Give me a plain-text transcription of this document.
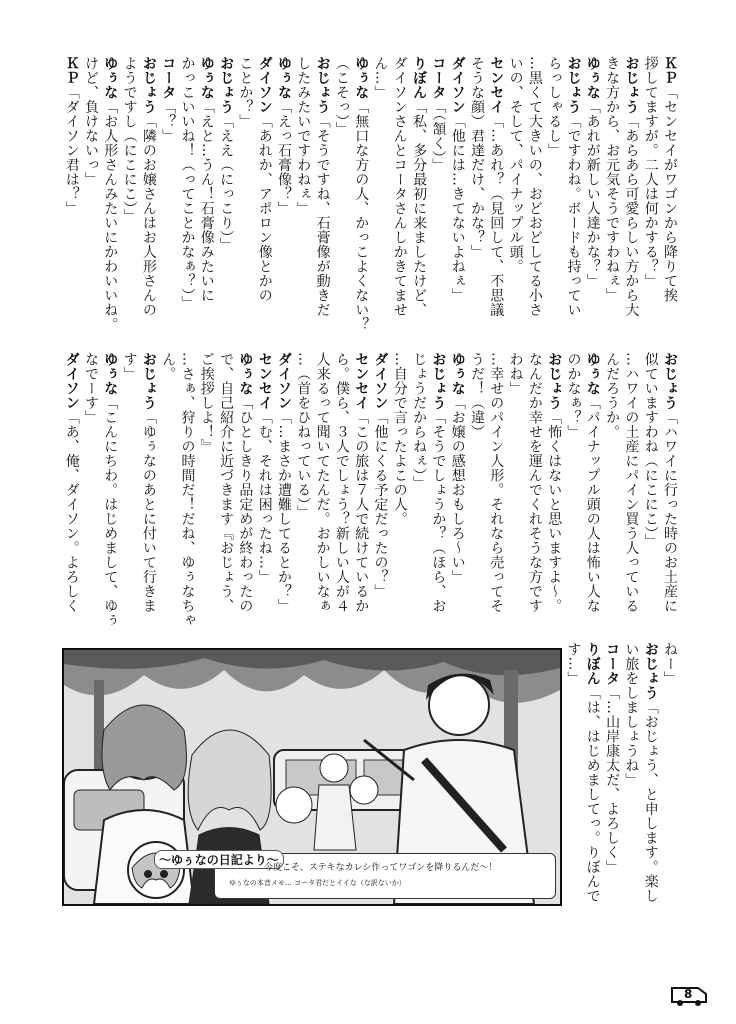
ＫＰ「センセイがワゴンから降りて挨
拶してますが。二人は何かする？」
おじょう「あらあら可愛らしい方から大
きな方から、お元気そうですわねぇ」
ゆぅな「あれが新しい人達かな？」
おじょう「ですわね。ボードも持ってい
らっしゃるし」
…黒くて大きいの、おどおどしてる小さ
いの、そして、パイナップル頭。
センセイ「…あれ？（見回して、不思議
そうな顔）君達だけ、かな？」
ダイソン「他には…きてないよねぇ」
コータ「（頷く）」
りぼん「私、多分最初に来ましたけど、
ダイソンさんとコータさんしかきてませ
ん…」
ゆぅな「無口な方の人、かっこよくない？
（こそっ）」
おじょう「そうですね、石膏像が動きだ
したみたいですわねぇ」
ゆぅな「えっ石膏像？」
ダイソン「あれか、アポロン像とかの
ことか？」
おじょう「ええ（にっこり）」
ゆぅな「えと…うん！石膏像みたいに
かっこいいね！（ってことかなぁ？）」
コータ「？」
おじょう「隣のお嬢さんはお人形さんの
ようですし（にこにこ）」
ゆぅな「お人形さんみたいにかわいいね。
けど、負けないっ」
ＫＰ「ダイソン君は？」
おじょう「ハワイに行った時のお土産に
似ていますわね（にこにこ）」
…ハワイの土産にパイン買う人っている
んだろうか。
ゆぅな「パイナップル頭の人は怖い人な
のかなぁ？」
おじょう「怖くはないと思いますよ～。
なんだか幸せを運んでくれそうな方です
わね」
…幸せのパイン人形。それなら売ってそ
うだ！（違）
ゆぅな「お嬢の感想おもしろ～い」
おじょう「そうでしょうか？（ほら、お
じょうだからねぇ）」
…自分で言ったよこの人。
ダイソン「他にくる予定だったの？」
センセイ「この旅は７人で続けているか
ら。僕ら、３人でしょう？新しい人が４
人来るって聞いてたんだ。おかしいなぁ
…（首をひねっている）」
ダイソン「…まさか遭難してるとか？」
センセイ「む、それは困ったね…」
ゆぅな「ひとしきり品定めが終わったの
で、自己紹介に近づきます『おじょう、
ご挨拶しよ！』
…さぁ、狩りの時間だ！だね、ゆぅなちゃ
ん。
おじょう「ゆぅなのあとに付いて行きま
す」
ゆぅな「こんにちわ。はじめまして、ゆぅ
なでーす」
ダイソン「あ、俺、ダイソン。よろしく
ねー」
おじょう「おじょう、と申します。楽し
い旅をしましょうね」
コータ「…山岸康太だ、よろしく」
りぼん「は、はじめましてっ。りぼんで
す…」
～ゆぅなの日記より～
今度こそ、ステキなカレシ作ってワゴンを降りるんだ～！
ゆぅなの本音メモ… コータ君だとイイな（な訳ないか）
8
